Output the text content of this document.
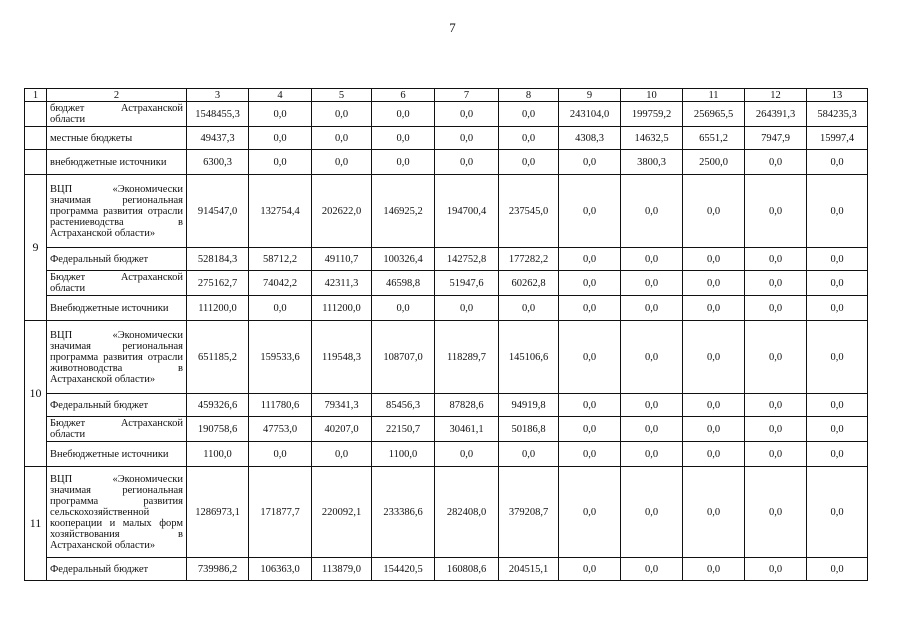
7
1	2	3	4	5	6	7	8	9	10	11	12	13
	бюджет Астраханской области	1548455,3	0,0	0,0	0,0	0,0	0,0	243104,0	199759,2	256965,5	264391,3	584235,3
	местные бюджеты	49437,3	0,0	0,0	0,0	0,0	0,0	4308,3	14632,5	6551,2	7947,9	15997,4
	внебюджетные источники	6300,3	0,0	0,0	0,0	0,0	0,0	0,0	3800,3	2500,0	0,0	0,0
9	ВЦП «Экономически значимая региональная программа развития отрасли растениеводства в Астраханской области»	914547,0	132754,4	202622,0	146925,2	194700,4	237545,0	0,0	0,0	0,0	0,0	0,0
	Федеральный бюджет	528184,3	58712,2	49110,7	100326,4	142752,8	177282,2	0,0	0,0	0,0	0,0	0,0
	Бюджет Астраханской области	275162,7	74042,2	42311,3	46598,8	51947,6	60262,8	0,0	0,0	0,0	0,0	0,0
	Внебюджетные источники	111200,0	0,0	111200,0	0,0	0,0	0,0	0,0	0,0	0,0	0,0	0,0
10	ВЦП «Экономически значимая региональная программа развития отрасли животноводства в Астраханской области»	651185,2	159533,6	119548,3	108707,0	118289,7	145106,6	0,0	0,0	0,0	0,0	0,0
	Федеральный бюджет	459326,6	111780,6	79341,3	85456,3	87828,6	94919,8	0,0	0,0	0,0	0,0	0,0
	Бюджет Астраханской области	190758,6	47753,0	40207,0	22150,7	30461,1	50186,8	0,0	0,0	0,0	0,0	0,0
	Внебюджетные источники	1100,0	0,0	0,0	1100,0	0,0	0,0	0,0	0,0	0,0	0,0	0,0
11	ВЦП «Экономически значимая региональная программа развития сельскохозяйственной кооперации и малых форм хозяйствования в Астраханской области»	1286973,1	171877,7	220092,1	233386,6	282408,0	379208,7	0,0	0,0	0,0	0,0	0,0
	Федеральный бюджет	739986,2	106363,0	113879,0	154420,5	160808,6	204515,1	0,0	0,0	0,0	0,0	0,0
